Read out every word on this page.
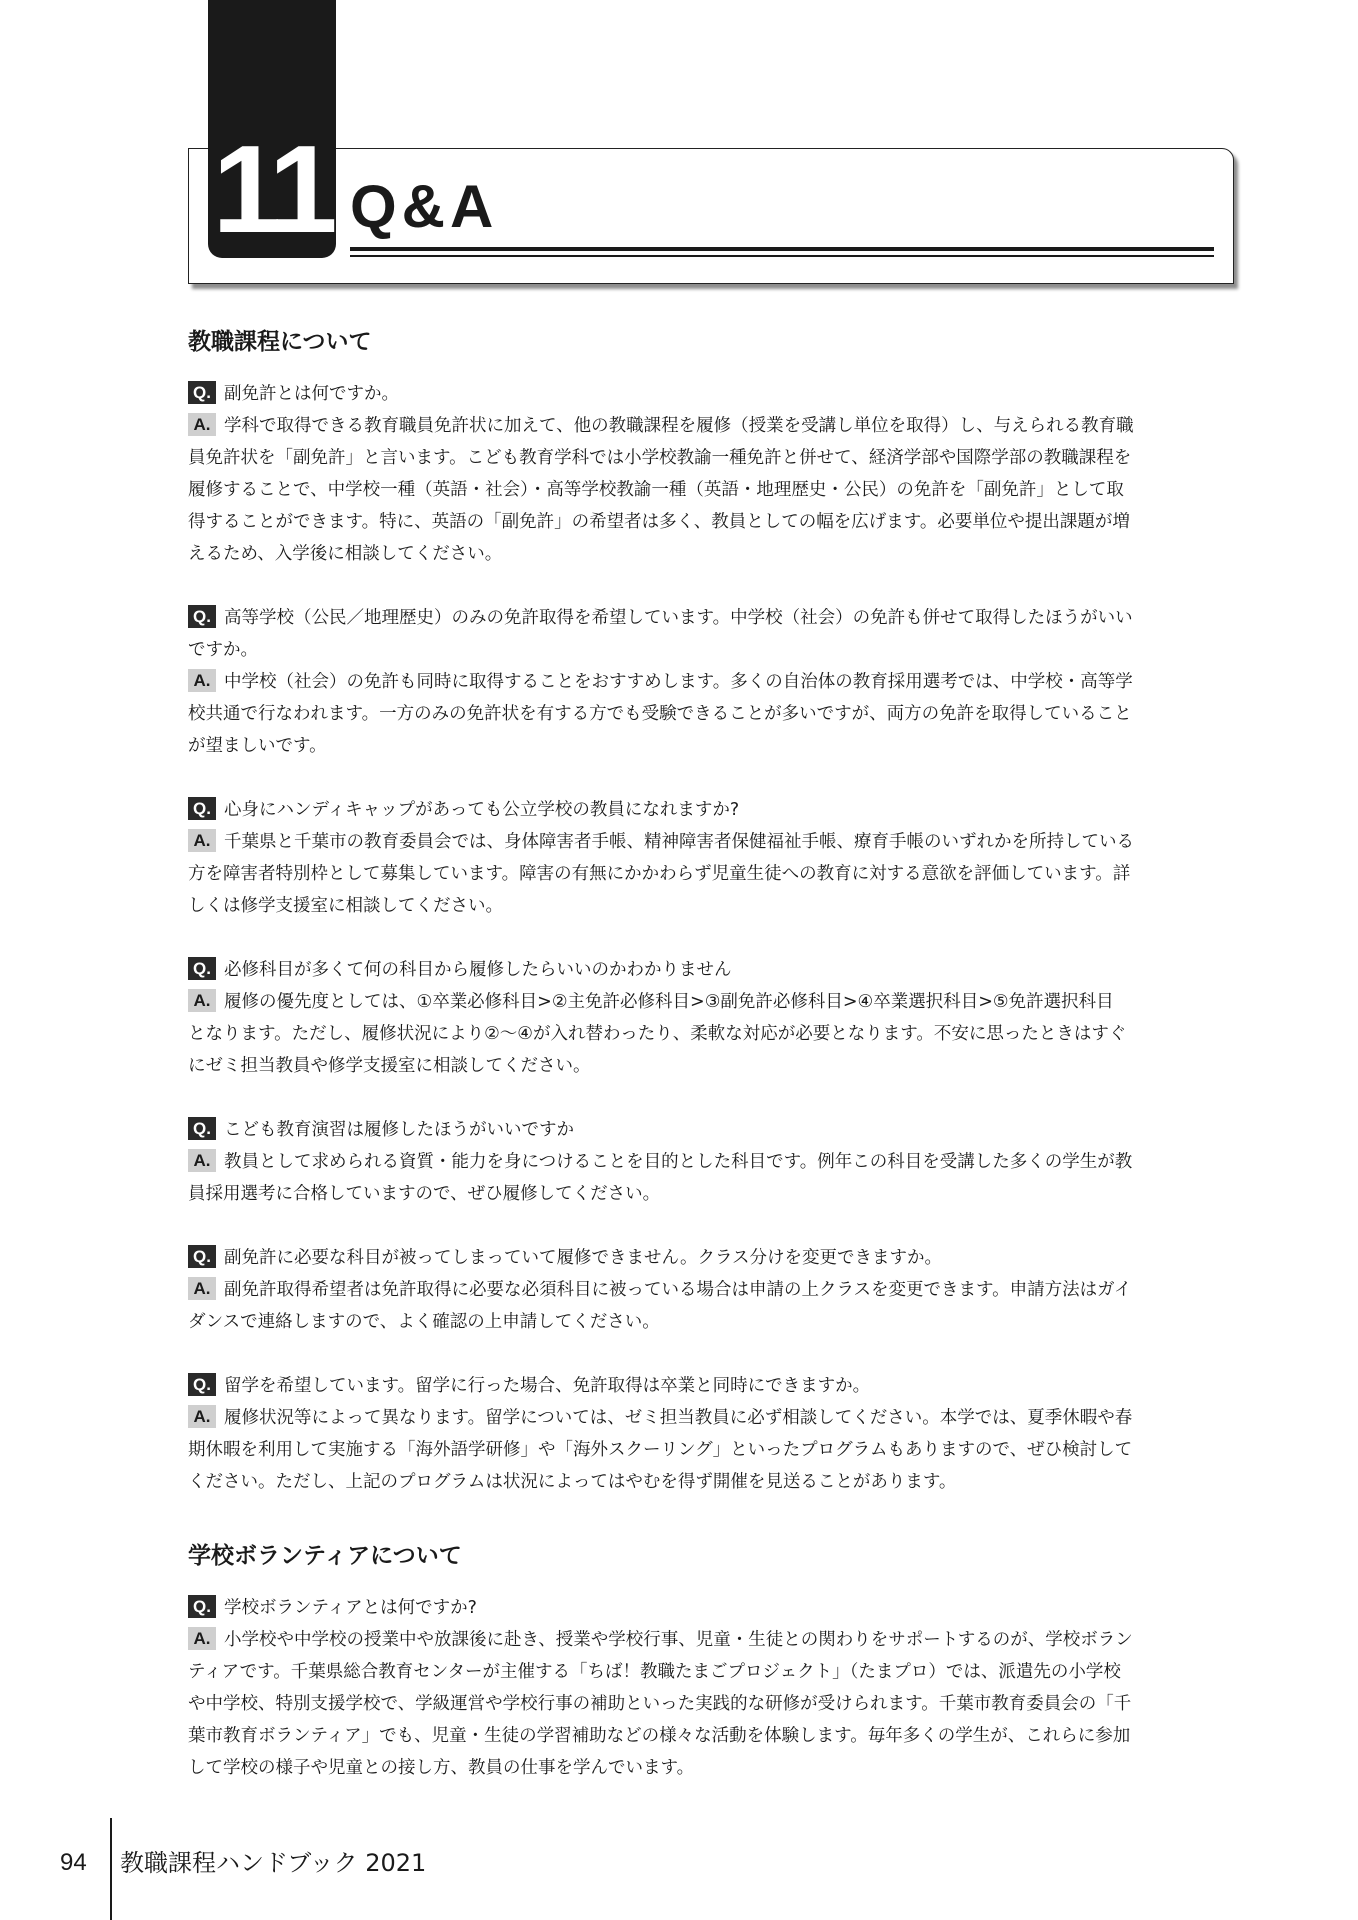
11 Q&A
教職課程について

Q. 副免許とは何ですか。

A. 学科で取得できる教育職員免許状に加えて、他の教職課程を履修（授業を受講し単位を取得）し、与えられる教育職

員免許状を「副免許」と言います。こども教育学科では小学校教諭一種免許と併せて、経済学部や国際学部の教職課程を

履修することで、中学校一種（英語・社会）・高等学校教諭一種（英語・地理歴史・公民）の免許を「副免許」として取

得することができます。特に、英語の「副免許」の希望者は多く、教員としての幅を広げます。必要単位や提出課題が増

えるため、入学後に相談してください。

Q. 高等学校（公民／地理歴史）のみの免許取得を希望しています。中学校（社会）の免許も併せて取得したほうがいい

ですか。

A. 中学校（社会）の免許も同時に取得することをおすすめします。多くの自治体の教育採用選考では、中学校・高等学

校共通で行なわれます。一方のみの免許状を有する方でも受験できることが多いですが、両方の免許を取得していること

が望ましいです。

Q. 心身にハンディキャップがあっても公立学校の教員になれますか?

A. 千葉県と千葉市の教育委員会では、身体障害者手帳、精神障害者保健福祉手帳、療育手帳のいずれかを所持している

方を障害者特別枠として募集しています。障害の有無にかかわらず児童生徒への教育に対する意欲を評価しています。詳

しくは修学支援室に相談してください。

Q. 必修科目が多くて何の科目から履修したらいいのかわかりません

A. 履修の優先度としては、①卒業必修科目>②主免許必修科目>③副免許必修科目>④卒業選択科目>⑤免許選択科目

となります。ただし、履修状況により②〜④が入れ替わったり、柔軟な対応が必要となります。不安に思ったときはすぐ

にゼミ担当教員や修学支援室に相談してください。

Q. こども教育演習は履修したほうがいいですか

A. 教員として求められる資質・能力を身につけることを目的とした科目です。例年この科目を受講した多くの学生が教

員採用選考に合格していますので、ぜひ履修してください。

Q. 副免許に必要な科目が被ってしまっていて履修できません。クラス分けを変更できますか。

A. 副免許取得希望者は免許取得に必要な必須科目に被っている場合は申請の上クラスを変更できます。申請方法はガイ

ダンスで連絡しますので、よく確認の上申請してください。

Q. 留学を希望しています。留学に行った場合、免許取得は卒業と同時にできますか。

A. 履修状況等によって異なります。留学については、ゼミ担当教員に必ず相談してください。本学では、夏季休暇や春

期休暇を利用して実施する「海外語学研修」や「海外スクーリング」といったプログラムもありますので、ぜひ検討して

ください。ただし、上記のプログラムは状況によってはやむを得ず開催を見送ることがあります。

学校ボランティアについて

Q. 学校ボランティアとは何ですか?

A. 小学校や中学校の授業中や放課後に赴き、授業や学校行事、児童・生徒との関わりをサポートするのが、学校ボラン

ティアです。千葉県総合教育センターが主催する「ちば！教職たまごプロジェクト」（たまプロ）では、派遣先の小学校

や中学校、特別支援学校で、学級運営や学校行事の補助といった実践的な研修が受けられます。千葉市教育委員会の「千

葉市教育ボランティア」でも、児童・生徒の学習補助などの様々な活動を体験します。毎年多くの学生が、これらに参加

して学校の様子や児童との接し方、教員の仕事を学んでいます。

94 教職課程ハンドブック 2021
